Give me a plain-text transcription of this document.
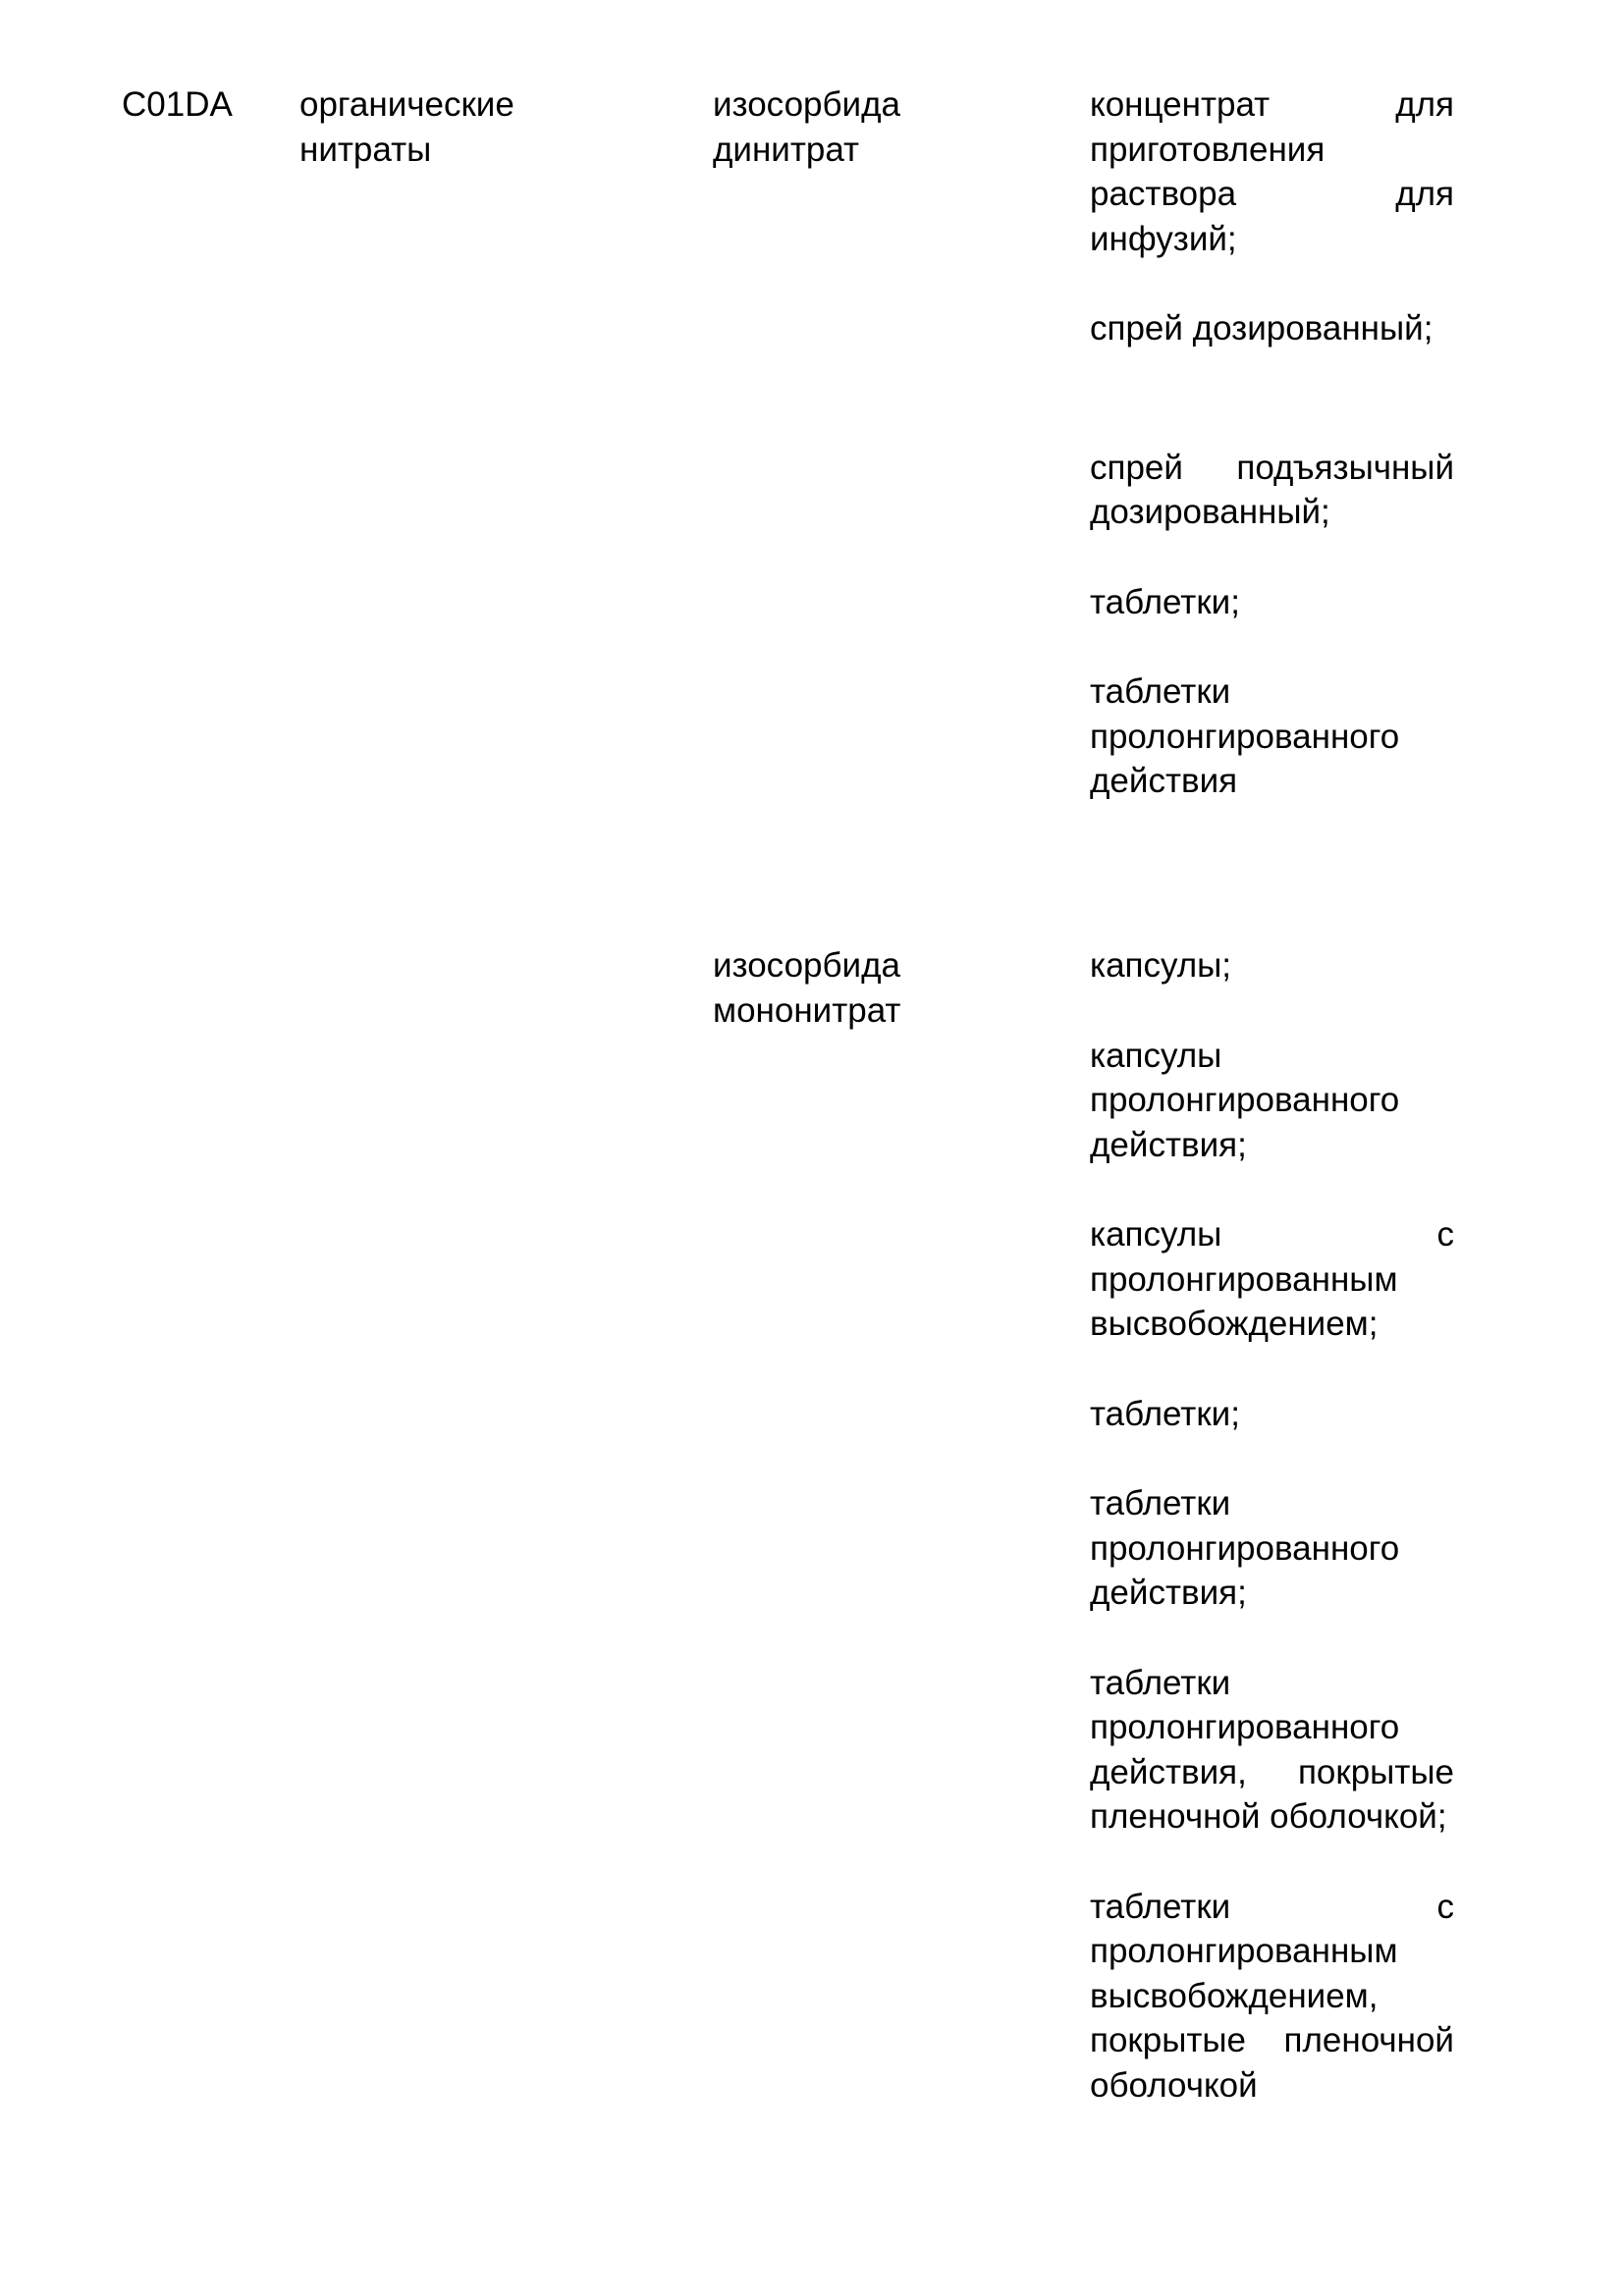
C01DA	органические нитраты
изосорбида динитрат
концентрат для приготовления раствора для инфузий;
спрей дозированный;
спрей подъязычный дозированный;
таблетки;
таблетки пролонгированного действия
изосорбида мононитрат
капсулы;
капсулы пролонгированного действия;
капсулы с пролонгированным высвобождением;
таблетки;
таблетки пролонгированного действия;
таблетки пролонгированного действия, покрытые пленочной оболочкой;
таблетки с пролонгированным высвобождением, покрытые пленочной оболочкой
